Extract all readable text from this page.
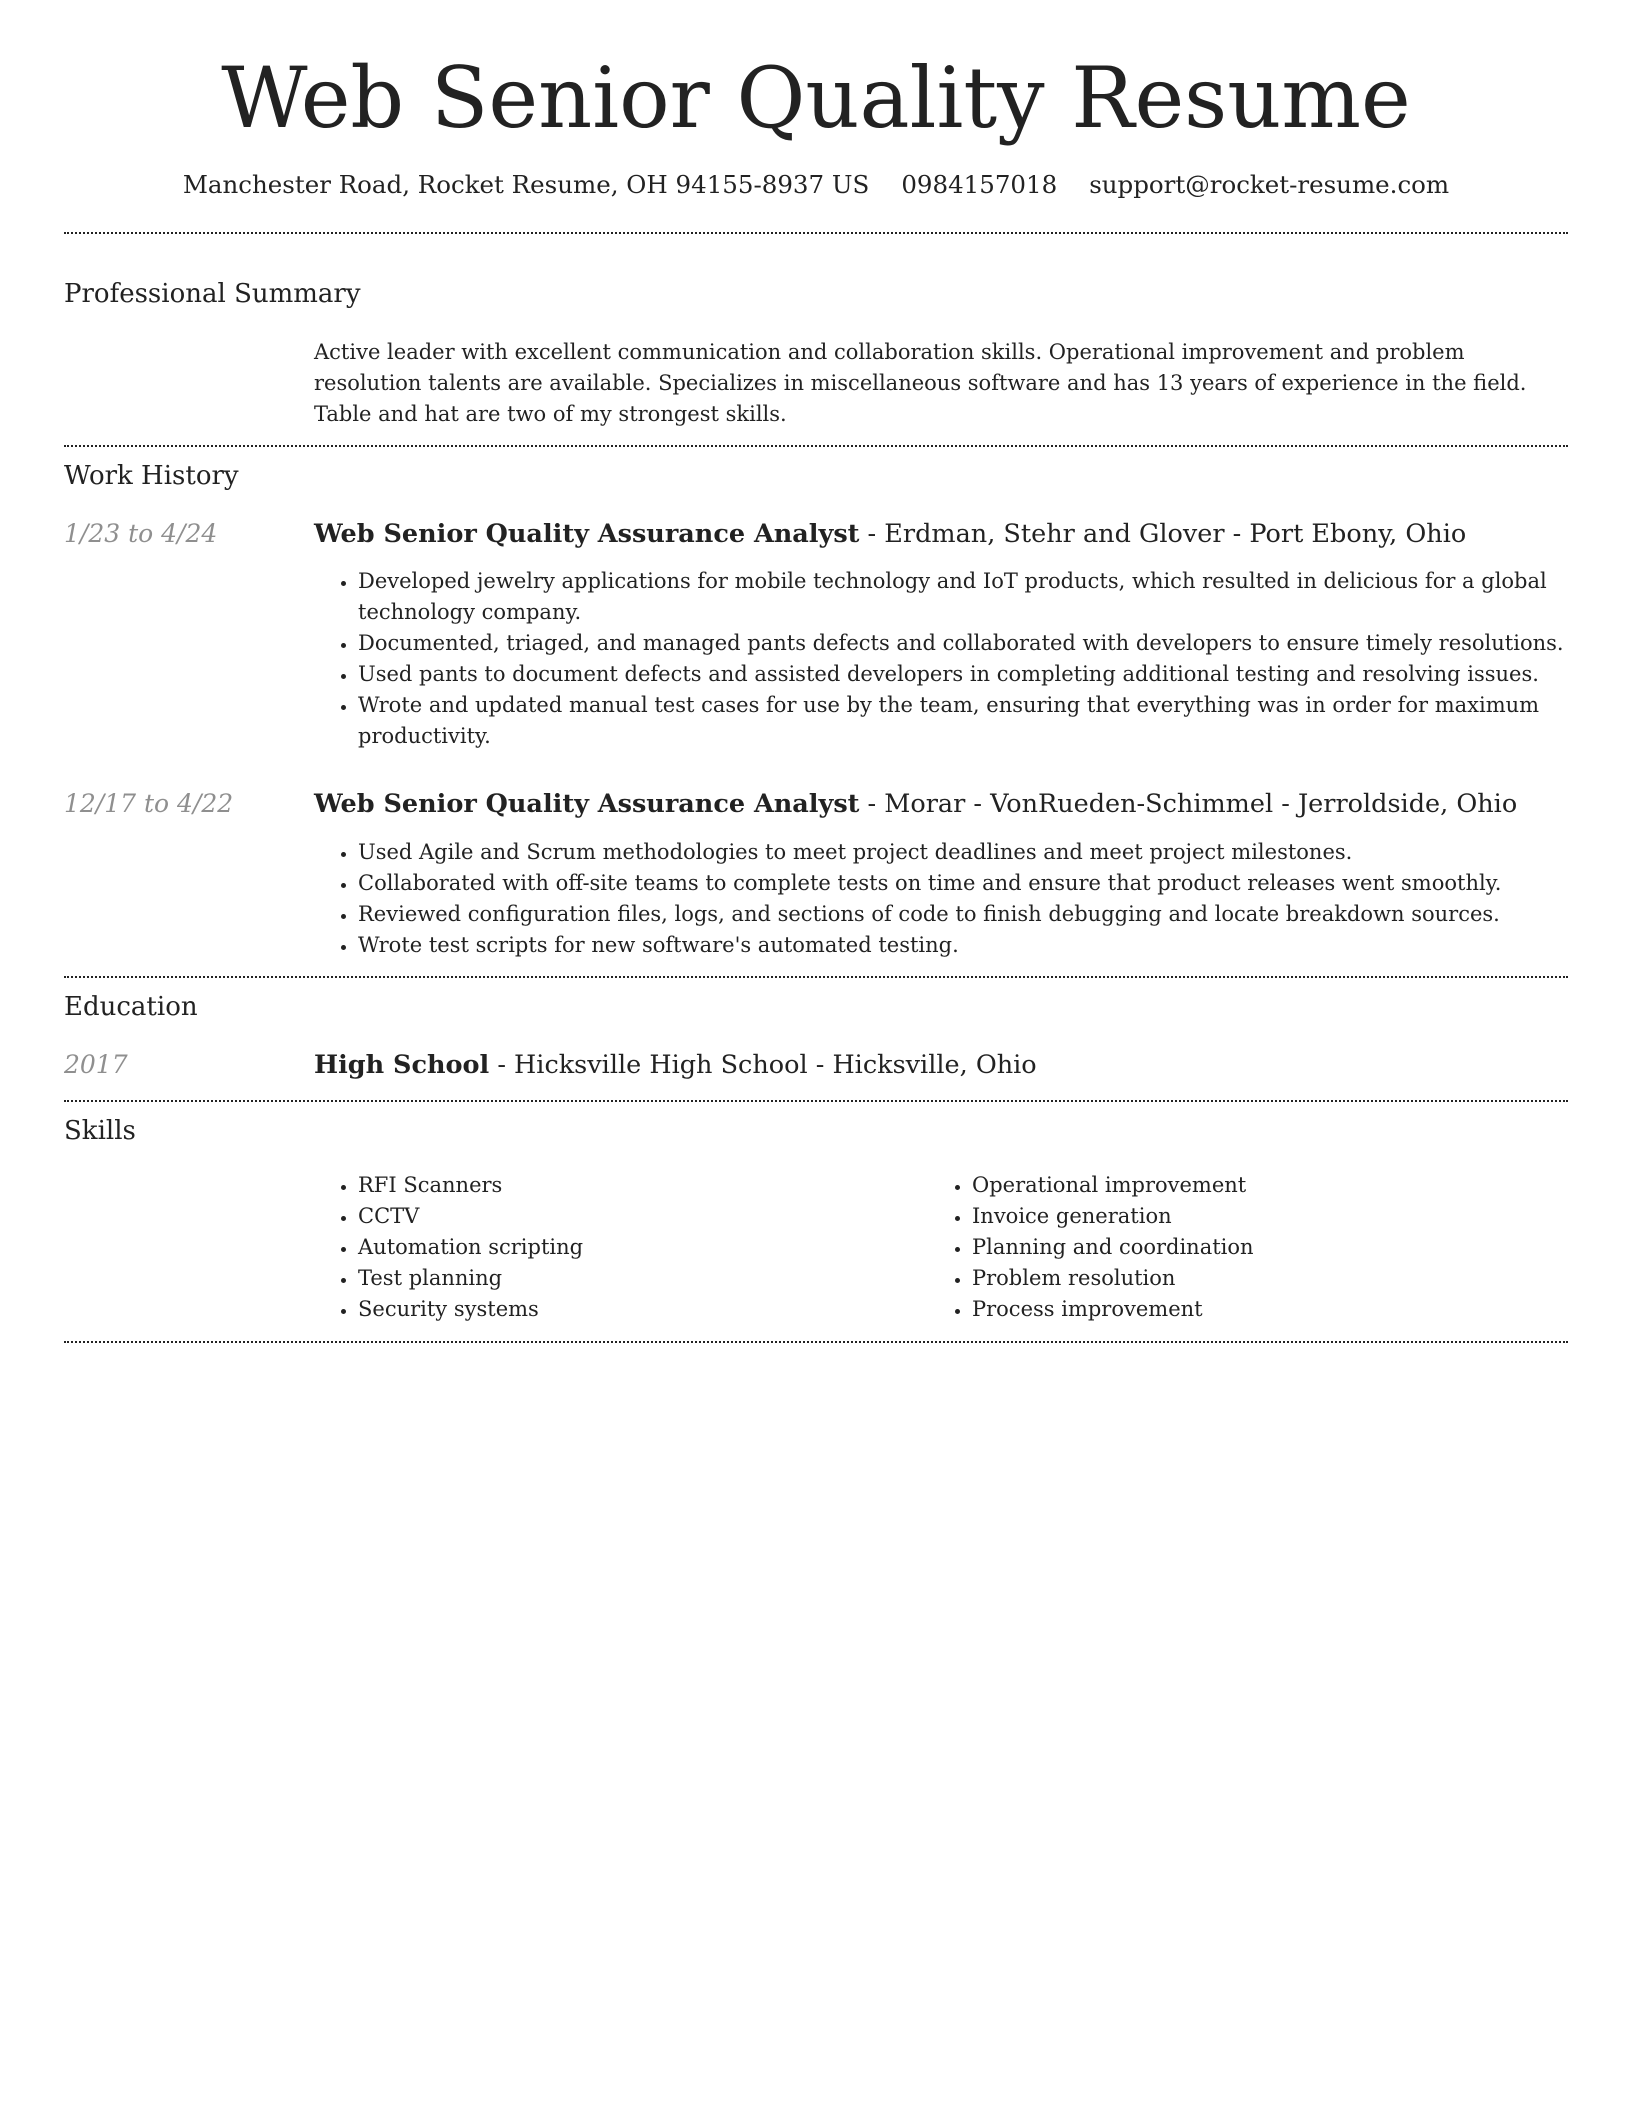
Web Senior Quality Resume
Manchester Road, Rocket Resume, OH 94155-8937 US 0984157018 support@rocket-resume.com
Professional Summary
Active leader with excellent communication and collaboration skills. Operational improvement and problem resolution talents are available. Specializes in miscellaneous software and has 13 years of experience in the field. Table and hat are two of my strongest skills.
Work History
1/23 to 4/24	Web Senior Quality Assurance Analyst - Erdman, Stehr and Glover - Port Ebony, Ohio
• Developed jewelry applications for mobile technology and IoT products, which resulted in delicious for a global technology company.
• Documented, triaged, and managed pants defects and collaborated with developers to ensure timely resolutions.
• Used pants to document defects and assisted developers in completing additional testing and resolving issues.
• Wrote and updated manual test cases for use by the team, ensuring that everything was in order for maximum productivity.
12/17 to 4/22	Web Senior Quality Assurance Analyst - Morar - VonRueden-Schimmel - Jerroldside, Ohio
• Used Agile and Scrum methodologies to meet project deadlines and meet project milestones.
• Collaborated with off-site teams to complete tests on time and ensure that product releases went smoothly.
• Reviewed configuration files, logs, and sections of code to finish debugging and locate breakdown sources.
• Wrote test scripts for new software's automated testing.
Education
2017	High School - Hicksville High School - Hicksville, Ohio
Skills
• RFI Scanners
• CCTV
• Automation scripting
• Test planning
• Security systems
• Operational improvement
• Invoice generation
• Planning and coordination
• Problem resolution
• Process improvement
